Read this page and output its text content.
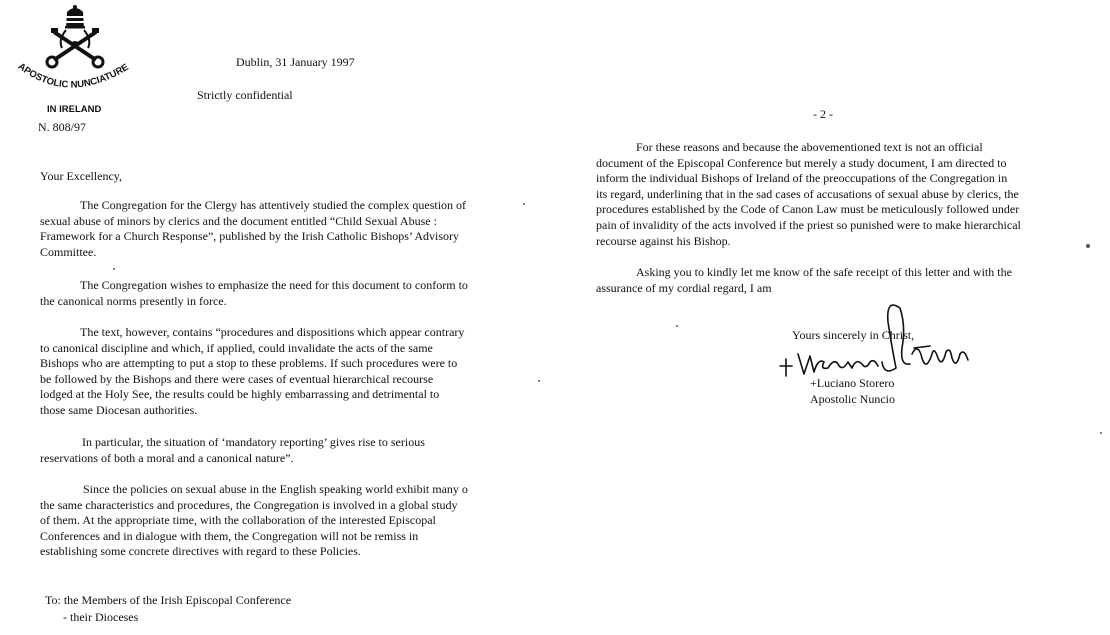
APOSTOLIC NUNCIATURE
IN IRELAND
N. 808/97
Dublin, 31 January 1997
Strictly confidential
Your Excellency,

The Congregation for the Clergy has attentively studied the complex question of

sexual abuse of minors by clerics and the document entitled “Child Sexual Abuse :

Framework for a Church Response”, published by the Irish Catholic Bishops’ Advisory

Committee.

The Congregation wishes to emphasize the need for this document to conform to

the canonical norms presently in force.

The text, however, contains “procedures and dispositions which appear contrary

to canonical discipline and which, if applied, could invalidate the acts of the same

Bishops who are attempting to put a stop to these problems. If such procedures were to

be followed by the Bishops and there were cases of eventual hierarchical recourse

lodged at the Holy See, the results could be highly embarrassing and detrimental to

those same Diocesan authorities.

In particular, the situation of ‘mandatory reporting’ gives rise to serious

reservations of both a moral and a canonical nature”.

Since the policies on sexual abuse in the English speaking world exhibit many o

the same characteristics and procedures, the Congregation is involved in a global study

of them. At the appropriate time, with the collaboration of the interested Episcopal

Conferences and in dialogue with them, the Congregation will not be remiss in

establishing some concrete directives with regard to these Policies.

To: the Members of the Irish Episcopal Conference
- their Dioceses
- 2 -

For these reasons and because the abovementioned text is not an official

document of the Episcopal Conference but merely a study document, I am directed to

inform the individual Bishops of Ireland of the preoccupations of the Congregation in

its regard, underlining that in the sad cases of accusations of sexual abuse by clerics, the

procedures established by the Code of Canon Law must be meticulously followed under

pain of invalidity of the acts involved if the priest so punished were to make hierarchical

recourse against his Bishop.

Asking you to kindly let me know of the safe receipt of this letter and with the

assurance of my cordial regard, I am

Yours sincerely in Christ,
+Luciano Storero
Apostolic Nuncio
